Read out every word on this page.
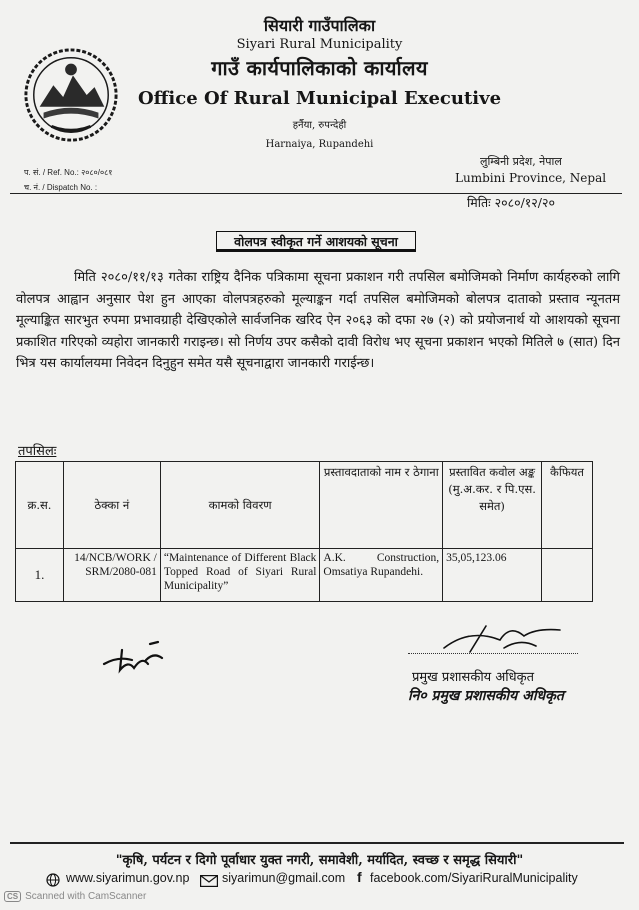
सियारी गाउँपालिका
Siyari Rural Municipality
गाउँ कार्यपालिकाको कार्यालय
Office Of Rural Municipal Executive
हर्नैया, रुपन्देही
Harnaiya, Rupandehi
प. सं. / Ref. No.: २०८०/०८१
च. नं. / Dispatch No. :
लुम्बिनी प्रदेश, नेपाल
Lumbini Province, Nepal
मितिः २०८०/१२/२०
वोलपत्र स्वीकृत गर्ने आशयको सूचना
मिति २०८०/११/१३ गतेका राष्ट्रिय दैनिक पत्रिकामा सूचना प्रकाशन गरी तपसिल बमोजिमको निर्माण कार्यहरुको लागि वोलपत्र आह्वान अनुसार पेश हुन आएका वोलपत्रहरुको मूल्याङ्कन गर्दा तपसिल बमोजिमको बोलपत्र दाताको प्रस्ताव न्यूनतम मूल्याङ्कित सारभुत रुपमा प्रभावग्राही देखिएकोले सार्वजनिक खरिद ऐन २०६३ को दफा २७ (२) को प्रयोजनार्थ यो आशयको सूचना प्रकाशित गरिएको व्यहोरा जानकारी गराइन्छ। सो निर्णय उपर कसैको दावी विरोध भए सूचना प्रकाशन भएको मितिले ७ (सात) दिन भित्र यस कार्यालयमा निवेदन दिनुहुन समेत यसै सूचनाद्वारा जानकारी गराईन्छ।
तपसिलः
क्र.स.	ठेक्का नं	कामको विवरण	प्रस्तावदाताको नाम र ठेगाना	प्रस्तावित कवोल अङ्क (मु.अ.कर. र पि.एस. समेत)	कैफियत
1.	14/NCB/WORK / SRM/2080-081	“Maintenance of Different Black Topped Road of Siyari Rural Municipality”	A.K. Construction, Omsatiya Rupandehi.	35,05,123.06	
प्रमुख प्रशासकीय अधिकृत
नि० प्रमुख प्रशासकीय अधिकृत
"कृषि, पर्यटन र दिगो पूर्वाधार युक्त नगरी, समावेशी, मर्यादित, स्वच्छ र समृद्ध सियारी"
www.siyarimun.gov.np	siyarimun@gmail.com f facebook.com/SiyariRuralMunicipality
CS Scanned with CamScanner
